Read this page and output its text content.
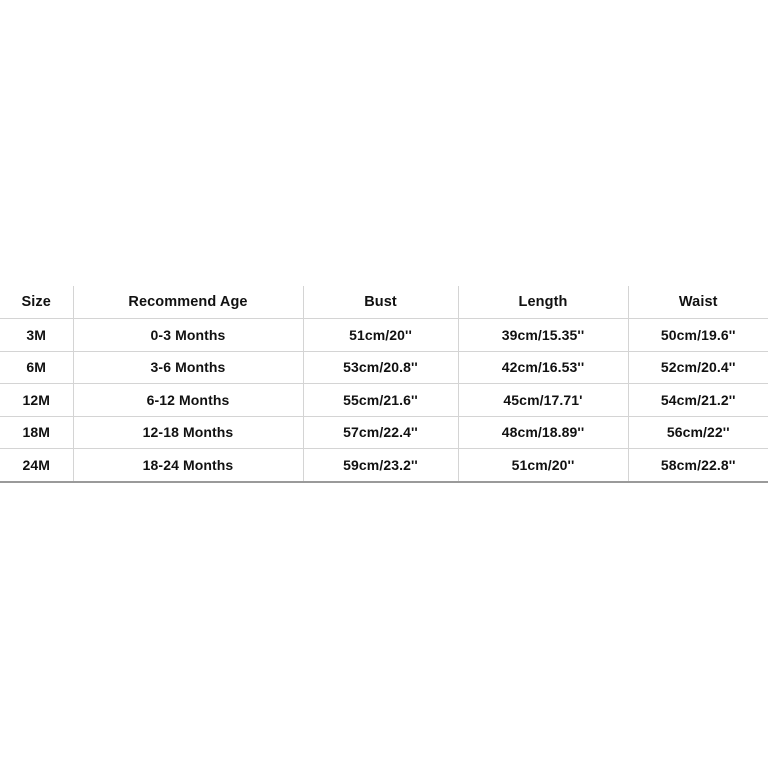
Size	Recommend Age	Bust	Length	Waist
3M	0-3 Months	51cm/20''	39cm/15.35''	50cm/19.6''
6M	3-6 Months	53cm/20.8''	42cm/16.53''	52cm/20.4''
12M	6-12 Months	55cm/21.6''	45cm/17.71'	54cm/21.2''
18M	12-18 Months	57cm/22.4''	48cm/18.89''	56cm/22''
24M	18-24 Months	59cm/23.2''	51cm/20''	58cm/22.8''
